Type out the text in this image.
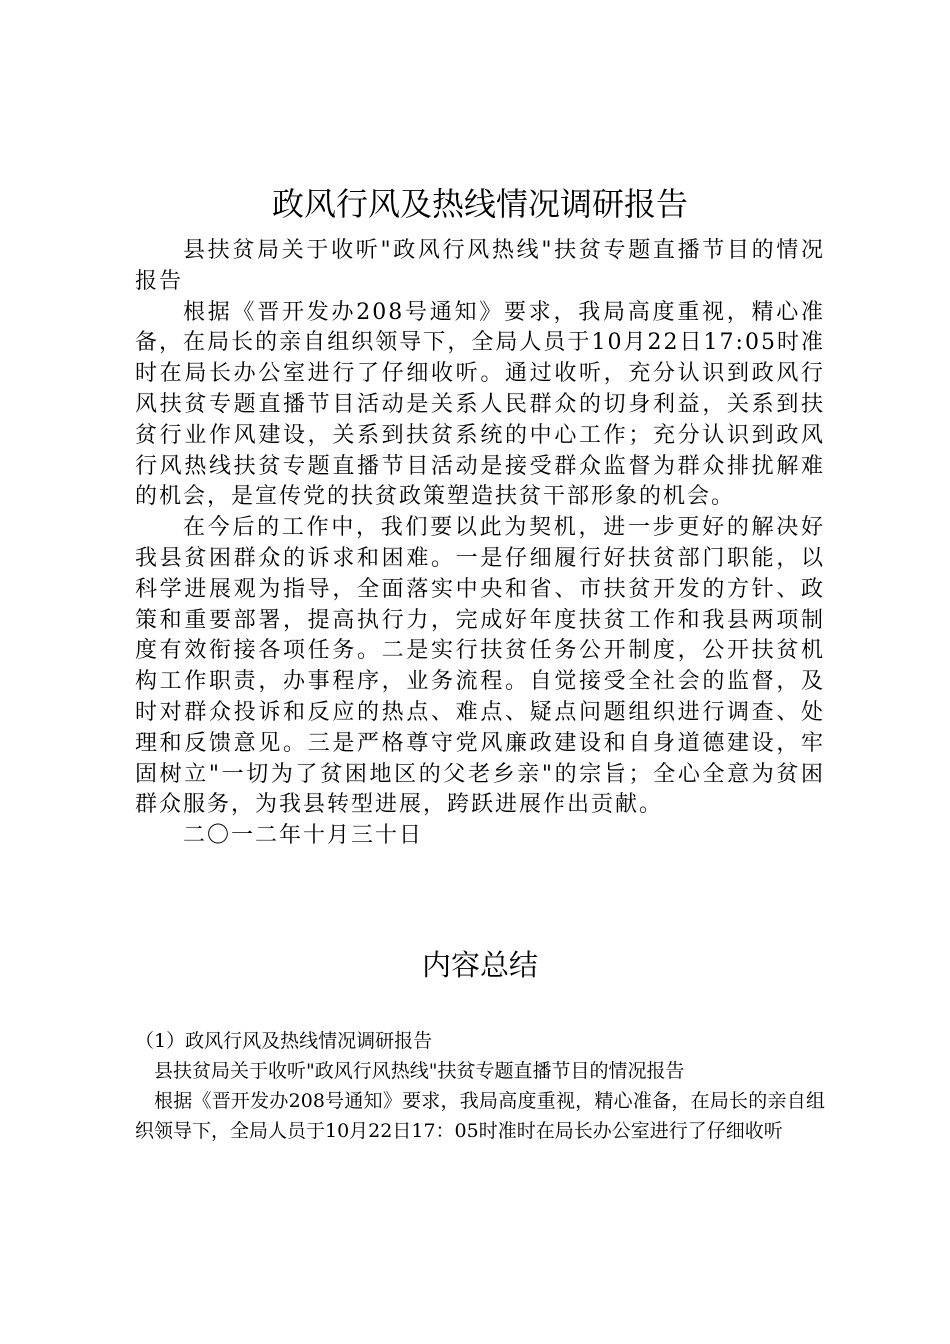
政风行风及热线情况调研报告

县扶贫局关于收听"政风行风热线"扶贫专题直播节目的情况报告

根据《晋开发办208号通知》要求，我局高度重视，精心准备，在局长的亲自组织领导下，全局人员于10月22日17:05时准时在局长办公室进行了仔细收听。通过收听，充分认识到政风行风扶贫专题直播节目活动是关系人民群众的切身利益，关系到扶贫行业作风建设，关系到扶贫系统的中心工作；充分认识到政风行风热线扶贫专题直播节目活动是接受群众监督为群众排扰解难的机会，是宣传党的扶贫政策塑造扶贫干部形象的机会。

在今后的工作中，我们要以此为契机，进一步更好的解决好我县贫困群众的诉求和困难。一是仔细履行好扶贫部门职能，以科学进展观为指导，全面落实中央和省、市扶贫开发的方针、政策和重要部署，提高执行力，完成好年度扶贫工作和我县两项制度有效衔接各项任务。二是实行扶贫任务公开制度，公开扶贫机构工作职责，办事程序，业务流程。自觉接受全社会的监督，及时对群众投诉和反应的热点、难点、疑点问题组织进行调查、处理和反馈意见。三是严格尊守党风廉政建设和自身道德建设，牢固树立"一切为了贫困地区的父老乡亲"的宗旨；全心全意为贫困群众服务，为我县转型进展，跨跃进展作出贡献。

二〇一二年十月三十日

内容总结

（1）政风行风及热线情况调研报告

县扶贫局关于收听"政风行风热线"扶贫专题直播节目的情况报告

根据《晋开发办208号通知》要求，我局高度重视，精心准备，在局长的亲自组织领导下，全局人员于10月22日17：05时准时在局长办公室进行了仔细收听
